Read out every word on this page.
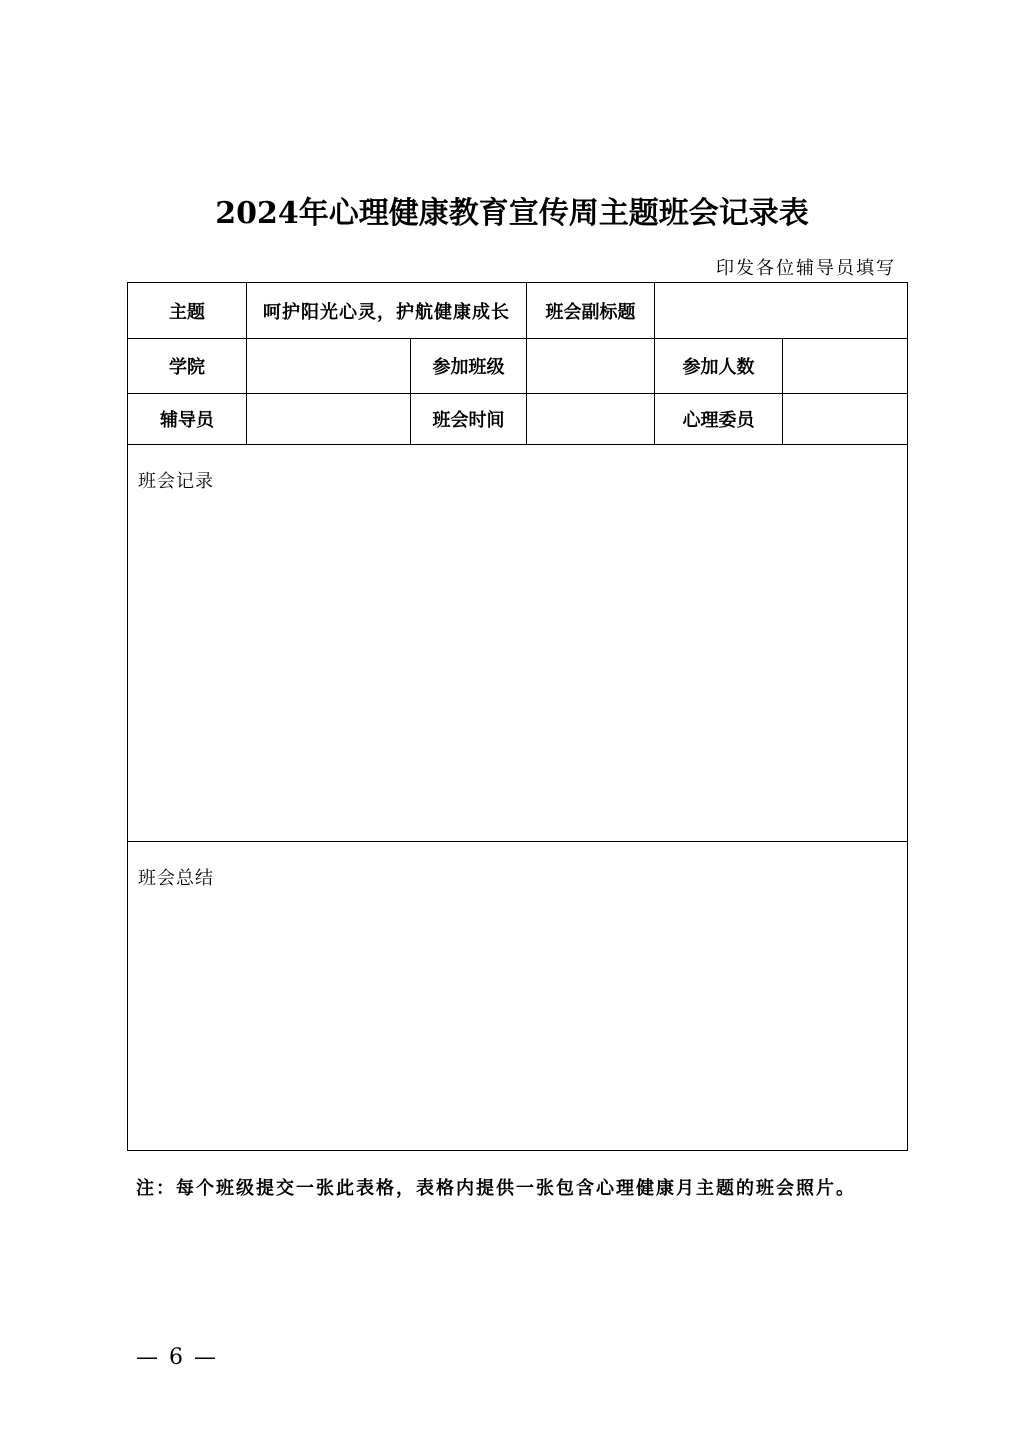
2024年心理健康教育宣传周主题班会记录表
印发各位辅导员填写
主题	呵护阳光心灵，护航健康成长		班会副标题		
学院		参加班级		参加人数	
辅导员		班会时间		心理委员	
班会记录					
班会总结					
注：每个班级提交一张此表格，表格内提供一张包含心理健康月主题的班会照片。
— 6 —
